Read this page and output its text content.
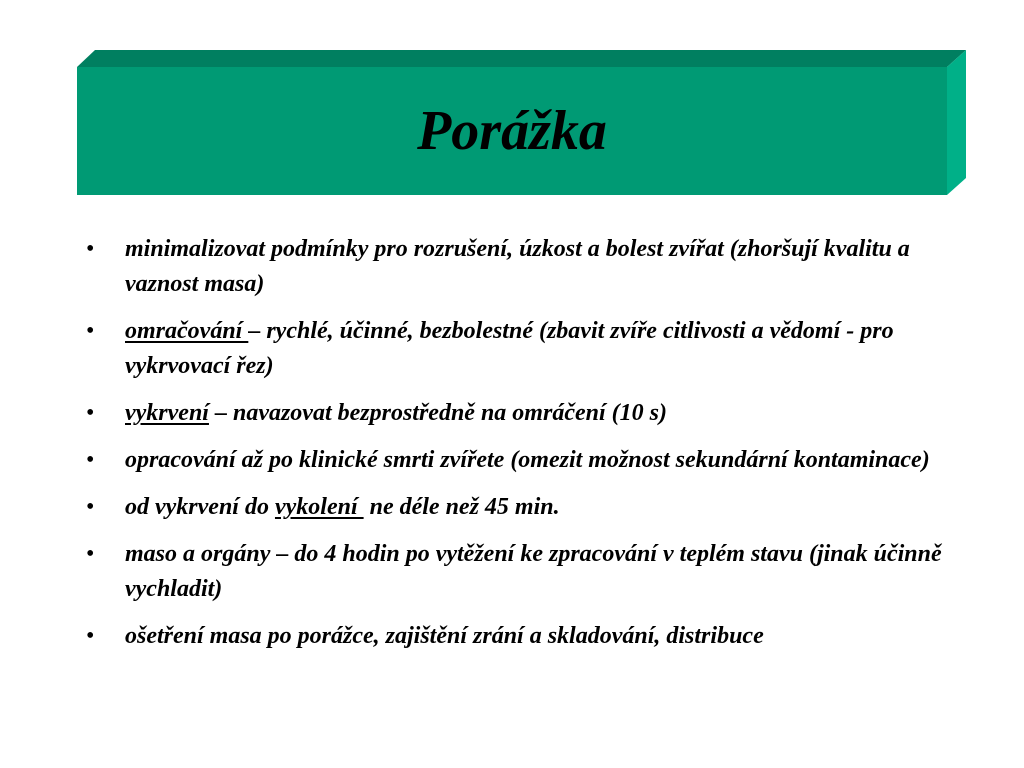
Porážka
• minimalizovat podmínky pro rozrušení, úzkost a bolest zvířat (zhoršují kvalitu a vaznost masa)
• omračování – rychlé, účinné, bezbolestné (zbavit zvíře citlivosti a vědomí - pro vykrvovací řez)
• vykrvení – navazovat bezprostředně na omráčení (10 s)
• opracování až po klinické smrti zvířete (omezit možnost sekundární kontaminace)
• od vykrvení do vykolení  ne déle než 45 min.
• maso a orgány – do 4 hodin po vytěžení ke zpracování v teplém stavu (jinak účinně vychladit)
• ošetření masa po porážce, zajištění zrání a skladování, distribuce
